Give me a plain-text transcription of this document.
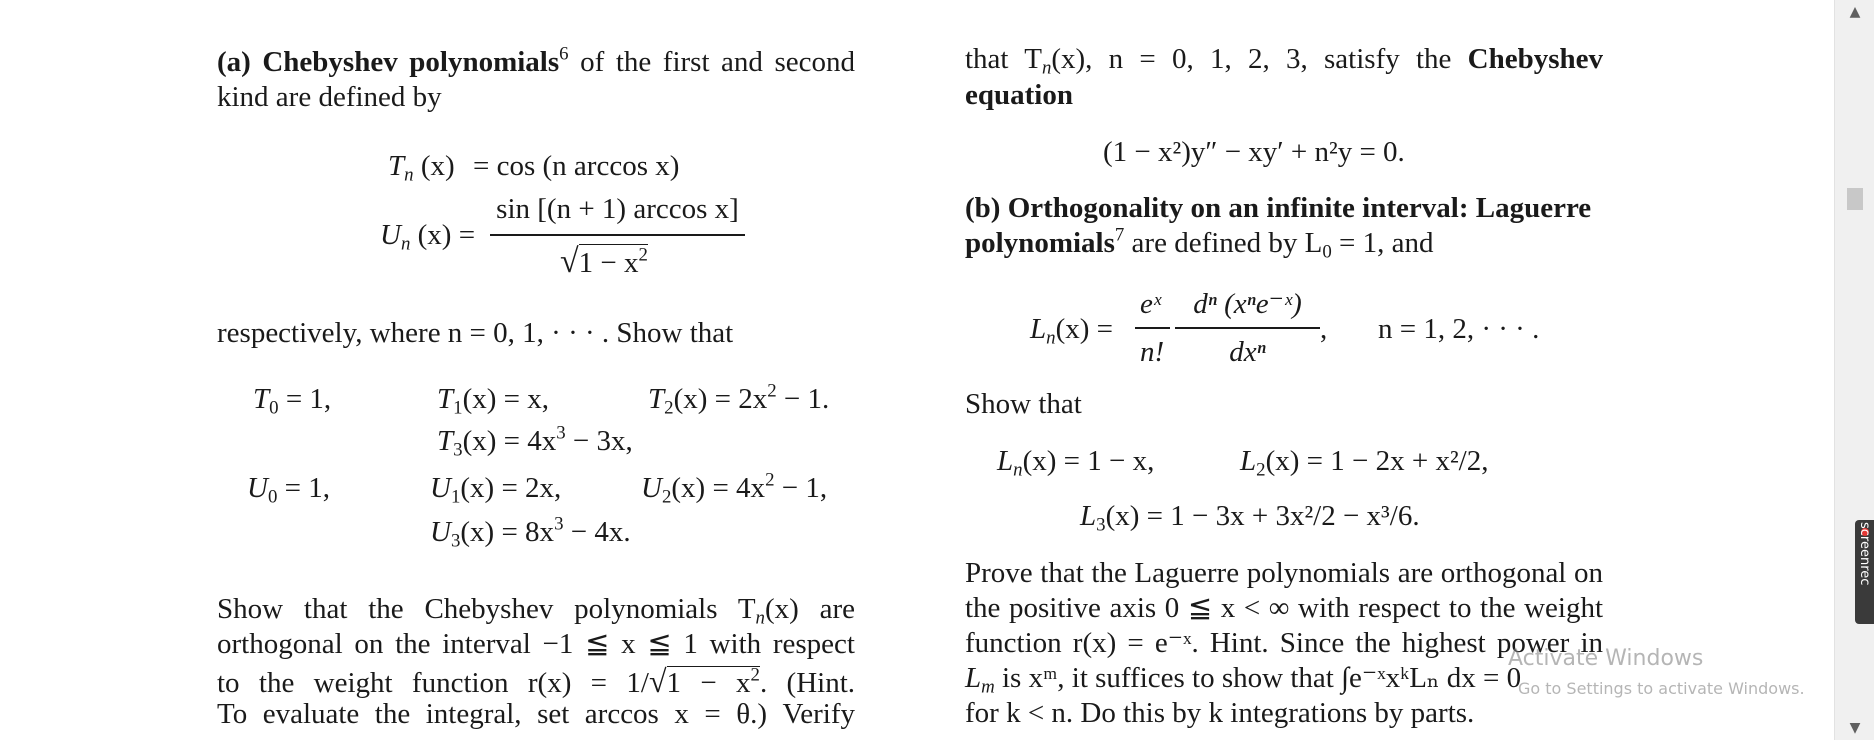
(a) Chebyshev polynomials$^6$ of the first and second
kind are defined by
$T_n$ (x) = cos (n arccos x)
$U_n$ (x) =
sin [(n + 1) arccos x]
$√1 - x^2$
respectively, where n = 0, 1, · · · . Show that
$T_0 = 1$,	$T_1(x) = x$,	$T_2(x) = 2x^2 - 1$.
$T_3(x) = 4x^3 - 3x$,
$U_0 = 1$,	$U_1(x) = 2x$,	$U_2(x) = 4x^2 - 1$,
$U_3(x) = 8x^3 - 4x$.
Show that the Chebyshev polynomials $T_n(x)$ are
orthogonal on the interval −1 ≦ x ≦ 1 with respect
to the weight function $r(x) = 1/√1 - x^2$. (Hint.
To evaluate the integral, set arccos x = θ.) Verify
that $T_n(x)$, n = 0, 1, 2, 3, satisfy the Chebyshev
equation
(1 − x²)y″ − xy′ + n²y = 0.
(b) Orthogonality on an infinite interval: Laguerre
polynomials$^7$ are defined by $L_0 = 1$, and
$L_n(x)$ =
eˣ
n!
dⁿ (xⁿe⁻ˣ)
dxⁿ
, n = 1, 2, · · · .
Show that
$L_n(x) = 1 - x$,	$L_2(x) = 1 - 2x + x^2/2$,
$L_3(x) = 1 - 3x + 3x^2/2 - x^3/6$.
Prove that the Laguerre polynomials are orthogonal on
the positive axis 0 ≦ x < ∞ with respect to the weight
function r(x) = e⁻ˣ. Hint. Since the highest power in
$L_m$ is xᵐ, it suffices to show that ∫e⁻ˣxᵏLₙ dx = 0
for k < n. Do this by k integrations by parts.
Activate Windows
Go to Settings to activate Windows.
▲
▼
screenrec
